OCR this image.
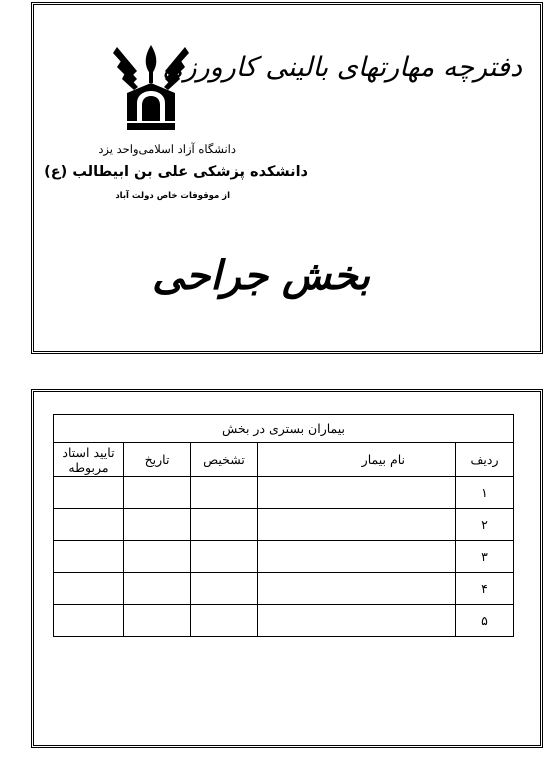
دفترچه مهارتهای بالینی کارورزی
دانشگاه آزاد اسلامی‌واحد یزد
دانشکده پزشکی علی بن ابیطالب (ع)
از موقوفات خاص دولت آباد
بخش جراحی
بیماران بستری در بخش				
ردیف	نام بیمار	تشخیص	تاریخ	تایید استاد مربوطه
۱				
۲				
۳				
۴				
۵				
